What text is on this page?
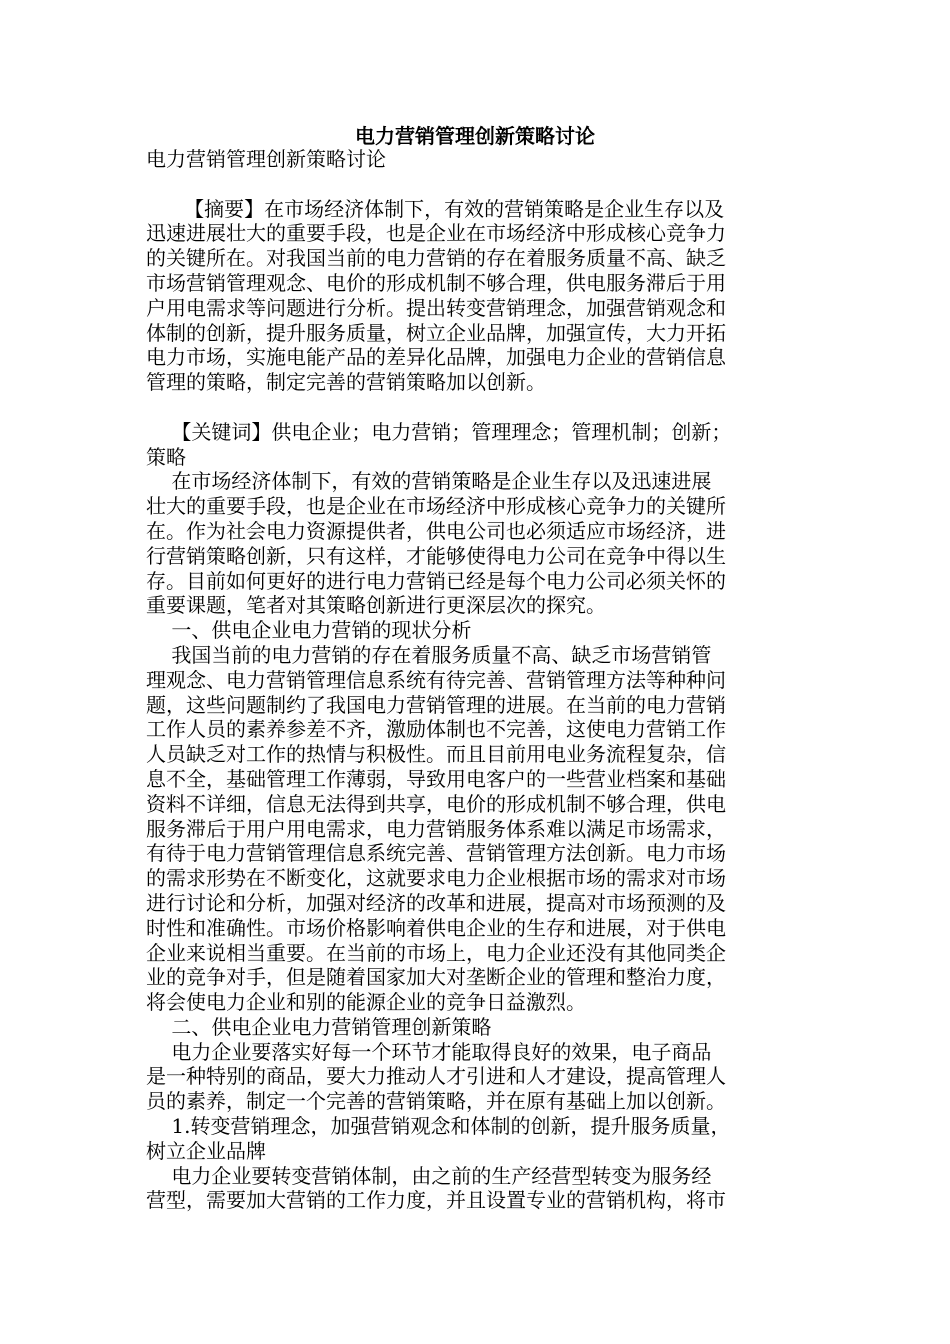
电力营销管理创新策略讨论
电力营销管理创新策略讨论
【摘要】在市场经济体制下，有效的营销策略是企业生存以及
迅速进展壮大的重要手段，也是企业在市场经济中形成核心竞争力
的关键所在。对我国当前的电力营销的存在着服务质量不高、缺乏
市场营销管理观念、电价的形成机制不够合理，供电服务滞后于用
户用电需求等问题进行分析。提出转变营销理念，加强营销观念和
体制的创新，提升服务质量，树立企业品牌，加强宣传，大力开拓
电力市场，实施电能产品的差异化品牌，加强电力企业的营销信息
管理的策略，制定完善的营销策略加以创新。
【关键词】供电企业；电力营销；管理理念；管理机制；创新；
策略
在市场经济体制下，有效的营销策略是企业生存以及迅速进展
壮大的重要手段，也是企业在市场经济中形成核心竞争力的关键所
在。作为社会电力资源提供者，供电公司也必须适应市场经济，进
行营销策略创新，只有这样，才能够使得电力公司在竞争中得以生
存。目前如何更好的进行电力营销已经是每个电力公司必须关怀的
重要课题，笔者对其策略创新进行更深层次的探究。
一、供电企业电力营销的现状分析
我国当前的电力营销的存在着服务质量不高、缺乏市场营销管
理观念、电力营销管理信息系统有待完善、营销管理方法等种种问
题，这些问题制约了我国电力营销管理的进展。在当前的电力营销
工作人员的素养参差不齐，激励体制也不完善，这使电力营销工作
人员缺乏对工作的热情与积极性。而且目前用电业务流程复杂，信
息不全，基础管理工作薄弱，导致用电客户的一些营业档案和基础
资料不详细，信息无法得到共享，电价的形成机制不够合理，供电
服务滞后于用户用电需求，电力营销服务体系难以满足市场需求，
有待于电力营销管理信息系统完善、营销管理方法创新。电力市场
的需求形势在不断变化，这就要求电力企业根据市场的需求对市场
进行讨论和分析，加强对经济的改革和进展，提高对市场预测的及
时性和准确性。市场价格影响着供电企业的生存和进展，对于供电
企业来说相当重要。在当前的市场上，电力企业还没有其他同类企
业的竞争对手，但是随着国家加大对垄断企业的管理和整治力度，
将会使电力企业和别的能源企业的竞争日益激烈。
二、供电企业电力营销管理创新策略
电力企业要落实好每一个环节才能取得良好的效果，电子商品
是一种特别的商品，要大力推动人才引进和人才建设，提高管理人
员的素养，制定一个完善的营销策略，并在原有基础上加以创新。
1.转变营销理念，加强营销观念和体制的创新，提升服务质量，
树立企业品牌
电力企业要转变营销体制，由之前的生产经营型转变为服务经
营型，需要加大营销的工作力度，并且设置专业的营销机构，将市
